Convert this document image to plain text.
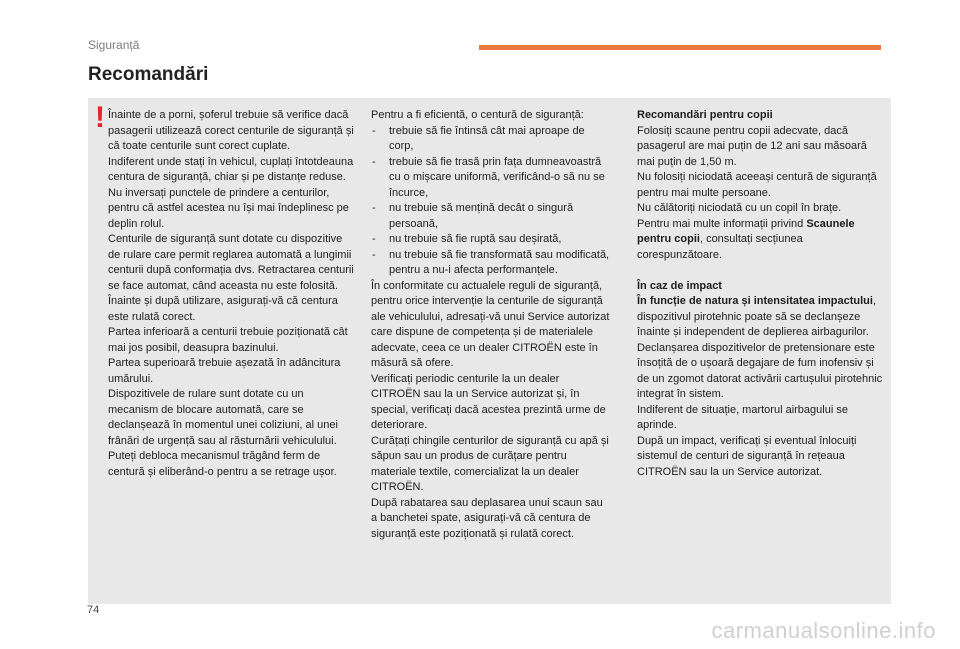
Siguranță
Recomandări
! Înainte de a porni, șoferul trebuie să verifice dacă pasagerii utilizează corect centurile de siguranță și că toate centurile sunt corect cuplate.

Indiferent unde stați în vehicul, cuplați întotdeauna centura de siguranță, chiar și pe distanțe reduse.

Nu inversați punctele de prindere a centurilor, pentru că astfel acestea nu își mai îndeplinesc pe deplin rolul.

Centurile de siguranță sunt dotate cu dispozitive de rulare care permit reglarea automată a lungimii centurii după conformația dvs. Retractarea centurii se face automat, când aceasta nu este folosită.

Înainte și după utilizare, asigurați-vă că centura este rulată corect.

Partea inferioară a centurii trebuie poziționată cât mai jos posibil, deasupra bazinului.

Partea superioară trebuie așezată în adâncitura umărului.

Dispozitivele de rulare sunt dotate cu un mecanism de blocare automată, care se declanșează în momentul unei coliziuni, al unei frânări de urgență sau al răsturnării vehiculului. Puteți debloca mecanismul trăgând ferm de centură și eliberând-o pentru a se retrage ușor.

Pentru a fi eficientă, o centură de siguranță:

- trebuie să fie întinsă cât mai aproape de corp,
- trebuie să fie trasă prin fața dumneavoastră cu o mișcare uniformă, verificând-o să nu se încurce,
- nu trebuie să mențină decât o singură persoană,
- nu trebuie să fie ruptă sau deșirată,
- nu trebuie să fie transformată sau modificată, pentru a nu-i afecta performanțele.

În conformitate cu actualele reguli de siguranță, pentru orice intervenție la centurile de siguranță ale vehiculului, adresați-vă unui Service autorizat care dispune de competența și de materialele adecvate, ceea ce un dealer CITROËN este în măsură să ofere.

Verificați periodic centurile la un dealer CITROËN sau la un Service autorizat și, în special, verificați dacă acestea prezintă urme de deteriorare.

Curățați chingile centurilor de siguranță cu apă și săpun sau un produs de curățare pentru materiale textile, comercializat la un dealer CITROËN.

După rabatarea sau deplasarea unui scaun sau a banchetei spate, asigurați-vă că centura de siguranță este poziționată și rulată corect.

Recomandări pentru copii

Folosiți scaune pentru copii adecvate, dacă pasagerul are mai puțin de 12 ani sau măsoară mai puțin de 1,50 m.

Nu folosiți niciodată aceeași centură de siguranță pentru mai multe persoane.

Nu călătoriți niciodată cu un copil în brațe.

Pentru mai multe informații privind Scaunele pentru copii, consultați secțiunea corespunzătoare.

În caz de impact

În funcție de natura și intensitatea impactului, dispozitivul pirotehnic poate să se declanșeze înainte și independent de deplierea airbagurilor. Declanșarea dispozitivelor de pretensionare este însoțită de o ușoară degajare de fum inofensiv și de un zgomot datorat activării cartușului pirotehnic integrat în sistem.

Indiferent de situație, martorul airbagului se aprinde.

După un impact, verificați și eventual înlocuiți sistemul de centuri de siguranță în rețeaua CITROËN sau la un Service autorizat.

74
carmanualsonline.info
